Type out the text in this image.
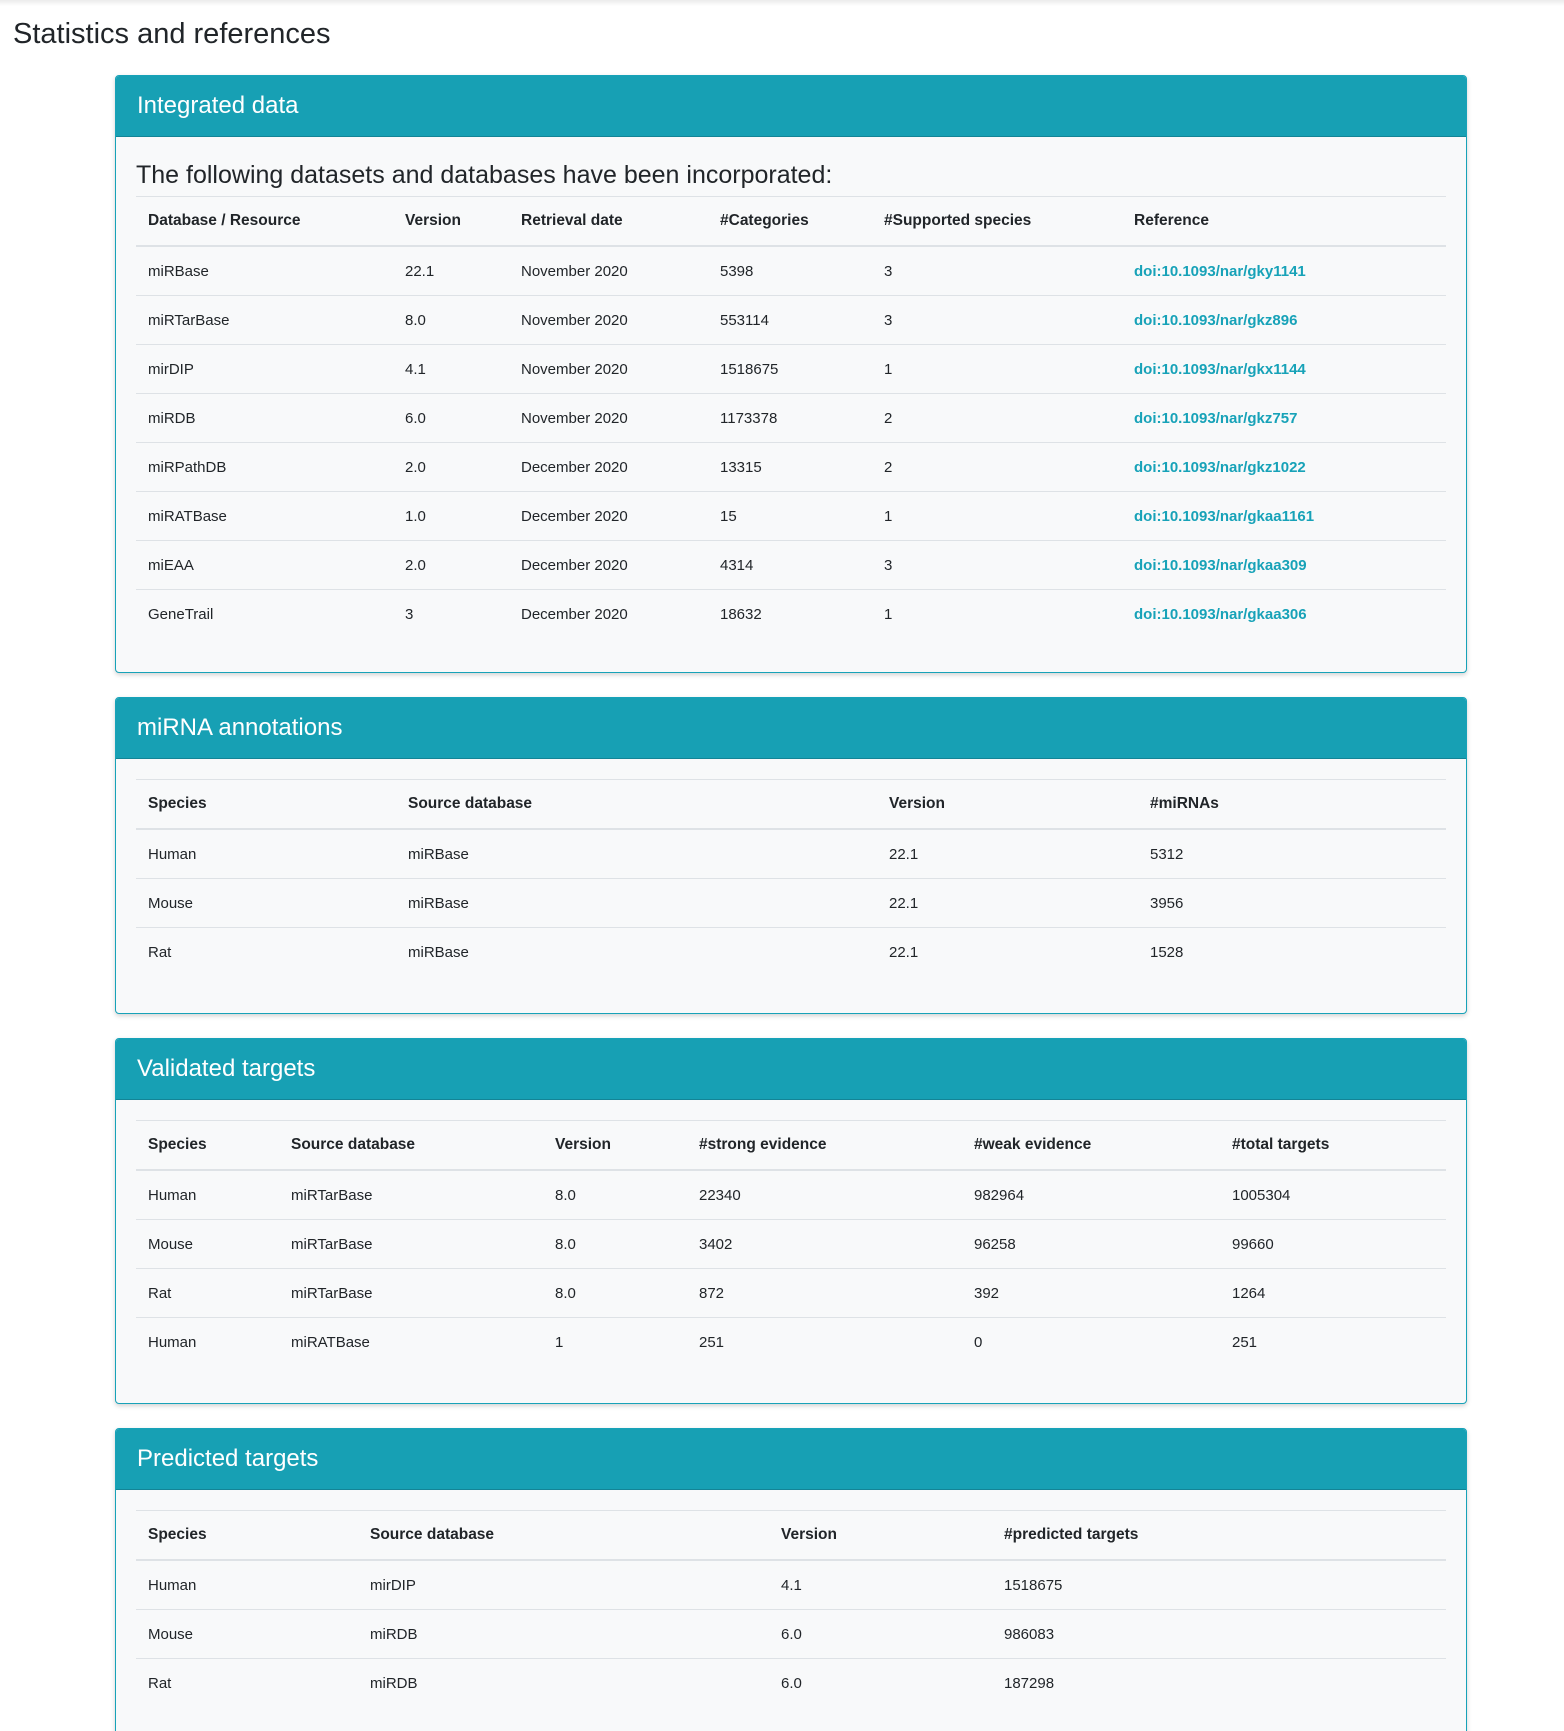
Statistics and references
Integrated data
The following datasets and databases have been incorporated:
Database / Resource	Version	Retrieval date	#Categories	#Supported species	Reference
miRBase	22.1	November 2020	5398	3	doi:10.1093/nar/gky1141
miRTarBase	8.0	November 2020	553114	3	doi:10.1093/nar/gkz896
mirDIP	4.1	November 2020	1518675	1	doi:10.1093/nar/gkx1144
miRDB	6.0	November 2020	1173378	2	doi:10.1093/nar/gkz757
miRPathDB	2.0	December 2020	13315	2	doi:10.1093/nar/gkz1022
miRATBase	1.0	December 2020	15	1	doi:10.1093/nar/gkaa1161
miEAA	2.0	December 2020	4314	3	doi:10.1093/nar/gkaa309
GeneTrail	3	December 2020	18632	1	doi:10.1093/nar/gkaa306
miRNA annotations
Species	Source database	Version	#miRNAs
Human	miRBase	22.1	5312
Mouse	miRBase	22.1	3956
Rat	miRBase	22.1	1528
Validated targets
Species	Source database	Version	#strong evidence	#weak evidence	#total targets
Human	miRTarBase	8.0	22340	982964	1005304
Mouse	miRTarBase	8.0	3402	96258	99660
Rat	miRTarBase	8.0	872	392	1264
Human	miRATBase	1	251	0	251
Predicted targets
Species	Source database	Version	#predicted targets
Human	mirDIP	4.1	1518675
Mouse	miRDB	6.0	986083
Rat	miRDB	6.0	187298
